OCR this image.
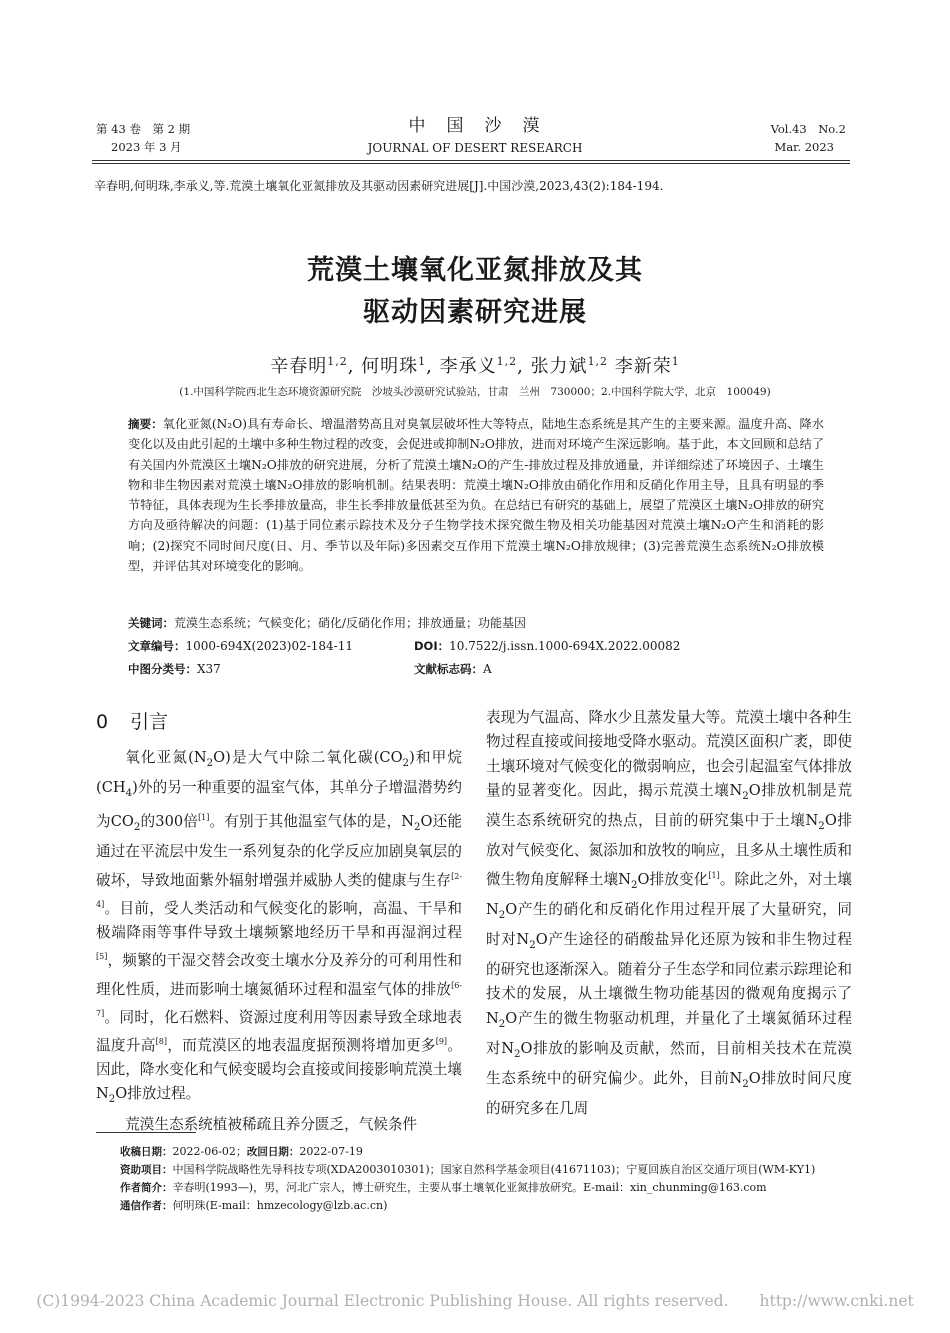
第 43 卷　第 2 期
2023 年 3 月
中　国　沙　漠
JOURNAL OF DESERT RESEARCH
Vol.43　No.2
Mar. 2023
辛春明,何明珠,李承义,等.荒漠土壤氧化亚氮排放及其驱动因素研究进展[J].中国沙漠,2023,43(2):184-194.
荒漠土壤氧化亚氮排放及其
驱动因素研究进展
辛春明$^{1,2}$, 何明珠$^1$, 李承义$^{1,2}$, 张力斌$^{1,2}$ 李新荣$^1$
(1.中国科学院西北生态环境资源研究院　沙坡头沙漠研究试验站，甘肃　兰州　730000；2.中国科学院大学，北京　100049)
摘要：氧化亚氮(N₂O)具有寿命长、增温潜势高且对臭氧层破坏性大等特点，陆地生态系统是其产生的主要来源。温度升高、降水变化以及由此引起的土壤中多种生物过程的改变，会促进或抑制N₂O排放，进而对环境产生深远影响。基于此，本文回顾和总结了有关国内外荒漠区土壤N₂O排放的研究进展，分析了荒漠土壤N₂O的产生-排放过程及排放通量，并详细综述了环境因子、土壤生物和非生物因素对荒漠土壤N₂O排放的影响机制。结果表明：荒漠土壤N₂O排放由硝化作用和反硝化作用主导，且具有明显的季节特征，具体表现为生长季排放量高，非生长季排放量低甚至为负。在总结已有研究的基础上，展望了荒漠区土壤N₂O排放的研究方向及亟待解决的问题：(1)基于同位素示踪技术及分子生物学技术探究微生物及相关功能基因对荒漠土壤N₂O产生和消耗的影响；(2)探究不同时间尺度(日、月、季节以及年际)多因素交互作用下荒漠土壤N₂O排放规律；(3)完善荒漠生态系统N₂O排放模型，并评估其对环境变化的影响。
关键词：荒漠生态系统；气候变化；硝化/反硝化作用；排放通量；功能基因
文章编号：1000-694X(2023)02-184-11	DOI：10.7522/j.issn.1000-694X.2022.00082
中图分类号：X37	文献标志码：A
0 引言

氧化亚氮$(N_2O)$是大气中除二氧化碳$(CO_2)$和甲烷$(CH_4)$外的另一种重要的温室气体，其单分子增温潜势约为$CO_2$的300倍[1]。有别于其他温室气体的是，$N_2O$还能通过在平流层中发生一系列复杂的化学反应加剧臭氧层的破坏，导致地面紫外辐射增强并威胁人类的健康与生存[2-4]。目前，受人类活动和气候变化的影响，高温、干旱和极端降雨等事件导致土壤频繁地经历干旱和再湿润过程[5]，频繁的干湿交替会改变土壤水分及养分的可利用性和理化性质，进而影响土壤氮循环过程和温室气体的排放[6-7]。同时，化石燃料、资源过度利用等因素导致全球地表温度升高[8]，而荒漠区的地表温度据预测将增加更多[9]。因此，降水变化和气候变暖均会直接或间接影响荒漠土壤$N_2O$排放过程。

荒漠生态系统植被稀疏且养分匮乏，气候条件

表现为气温高、降水少且蒸发量大等。荒漠土壤中各种生物过程直接或间接地受降水驱动。荒漠区面积广袤，即使土壤环境对气候变化的微弱响应，也会引起温室气体排放量的显著变化。因此，揭示荒漠土壤$N_2O$排放机制是荒漠生态系统研究的热点，目前的研究集中于土壤$N_2O$排放对气候变化、氮添加和放牧的响应，且多从土壤性质和微生物角度解释土壤$N_2O$排放变化[1]。除此之外，对土壤$N_2O$产生的硝化和反硝化作用过程开展了大量研究，同时对$N_2O$产生途径的硝酸盐异化还原为铵和非生物过程的研究也逐渐深入。随着分子生态学和同位素示踪理论和技术的发展，从土壤微生物功能基因的微观角度揭示了$N_2O$产生的微生物驱动机理，并量化了土壤氮循环过程对$N_2O$排放的影响及贡献，然而，目前相关技术在荒漠生态系统中的研究偏少。此外，目前$N_2O$排放时间尺度的研究多在几周

收稿日期：2022-06-02；改回日期：2022-07-19
资助项目：中国科学院战略性先导科技专项(XDA2003010301)；国家自然科学基金项目(41671103)；宁夏回族自治区交通厅项目(WM-KY1)
作者简介：辛春明(1993—)，男，河北广宗人，博士研究生，主要从事土壤氧化亚氮排放研究。E-mail：xin_chunming@163.com
通信作者：何明珠(E-mail：hmzecology@lzb.ac.cn)
(C)1994-2023 China Academic Journal Electronic Publishing House. All rights reserved.　　http://www.cnki.net
